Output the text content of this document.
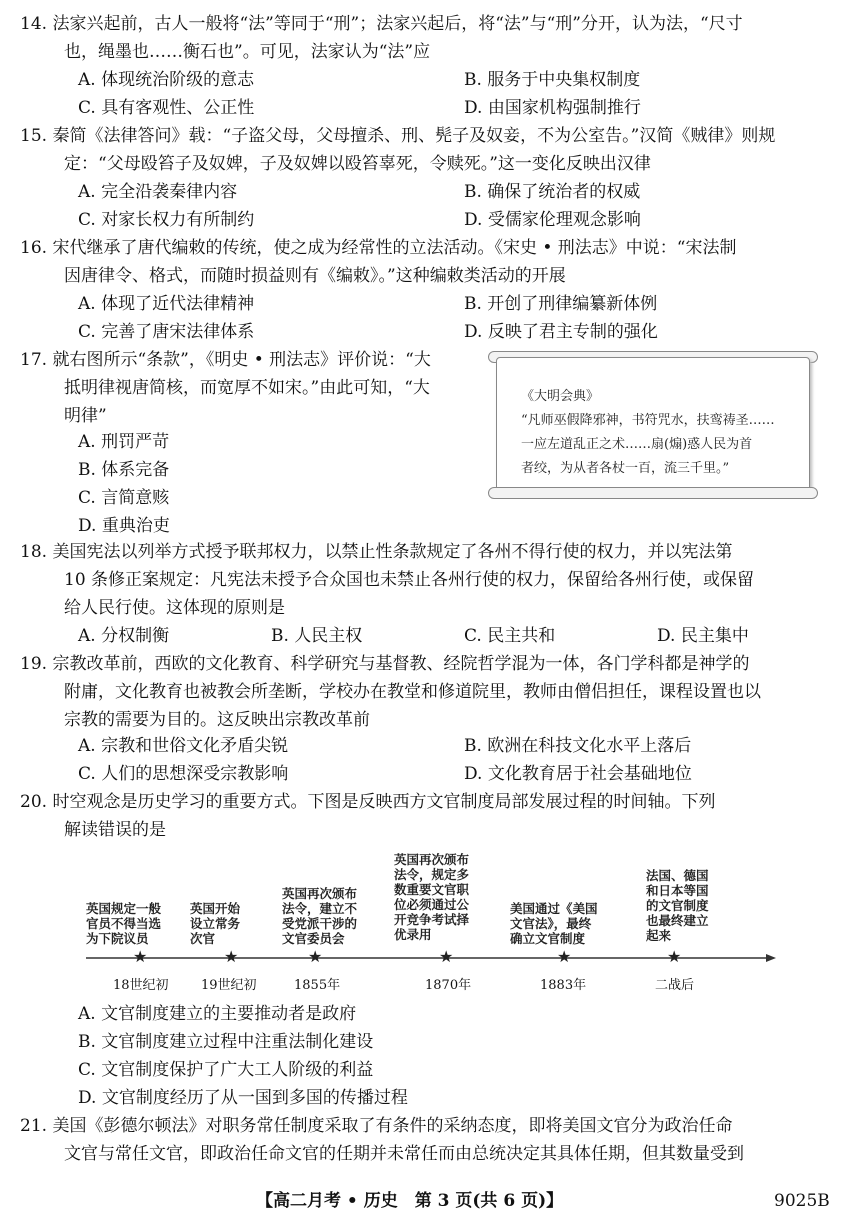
14. 法家兴起前，古人一般将“法”等同于“刑”；法家兴起后，将“法”与“刑”分开，认为法，“尺寸
也，绳墨也……衡石也”。可见，法家认为“法”应
A. 体现统治阶级的意志	B. 服务于中央集权制度
C. 具有客观性、公正性	D. 由国家机构强制推行
15. 秦简《法律答问》载：“子盗父母，父母擅杀、刑、髡子及奴妾，不为公室告。”汉简《贼律》则规
定：“父母殴笞子及奴婢，子及奴婢以殴笞辜死，令赎死。”这一变化反映出汉律
A. 完全沿袭秦律内容	B. 确保了统治者的权威
C. 对家长权力有所制约	D. 受儒家伦理观念影响
16. 宋代继承了唐代编敕的传统，使之成为经常性的立法活动。《宋史 • 刑法志》中说：“宋法制
因唐律令、格式，而随时损益则有《编敕》。”这种编敕类活动的开展
A. 体现了近代法律精神	B. 开创了刑律编纂新体例
C. 完善了唐宋法律体系	D. 反映了君主专制的强化
17. 就右图所示“条款”，《明史 • 刑法志》评价说：“大
抵明律视唐简核，而宽厚不如宋。”由此可知，“大
明律”
A. 刑罚严苛
B. 体系完备
C. 言简意赅
D. 重典治吏
《大明会典》
“凡师巫假降邪神，书符咒水，扶鸾祷圣……
一应左道乱正之术……扇(煽)惑人民为首
者绞，为从者各杖一百，流三千里。”
18. 美国宪法以列举方式授予联邦权力，以禁止性条款规定了各州不得行使的权力，并以宪法第
10 条修正案规定：凡宪法未授予合众国也未禁止各州行使的权力，保留给各州行使，或保留
给人民行使。这体现的原则是
A. 分权制衡	B. 人民主权	C. 民主共和	D. 民主集中
19. 宗教改革前，西欧的文化教育、科学研究与基督教、经院哲学混为一体，各门学科都是神学的
附庸，文化教育也被教会所垄断，学校办在教堂和修道院里，教师由僧侣担任，课程设置也以
宗教的需要为目的。这反映出宗教改革前
A. 宗教和世俗文化矛盾尖锐	B. 欧洲在科技文化水平上落后
C. 人们的思想深受宗教影响	D. 文化教育居于社会基础地位
20. 时空观念是历史学习的重要方式。下图是反映西方文官制度局部发展过程的时间轴。下列
解读错误的是
英国规定一般
官员不得当选
为下院议员
★
18世纪初
英国开始
设立常务
次官
★
19世纪初
英国再次颁布
法令，建立不
受党派干涉的
文官委员会
★
1855年
英国再次颁布
法令，规定多
数重要文官职
位必须通过公
开竞争考试择
优录用
★
1870年
美国通过《美国
文官法》，最终
确立文官制度
★
1883年
法国、德国
和日本等国
的文官制度
也最终建立
起来
★
二战后
A. 文官制度建立的主要推动者是政府
B. 文官制度建立过程中注重法制化建设
C. 文官制度保护了广大工人阶级的利益
D. 文官制度经历了从一国到多国的传播过程
21. 美国《彭德尔顿法》对职务常任制度采取了有条件的采纳态度，即将美国文官分为政治任命
文官与常任文官，即政治任命文官的任期并未常任而由总统决定其具体任期，但其数量受到
【高二月考 • 历史　第 3 页(共 6 页)】	9025B
